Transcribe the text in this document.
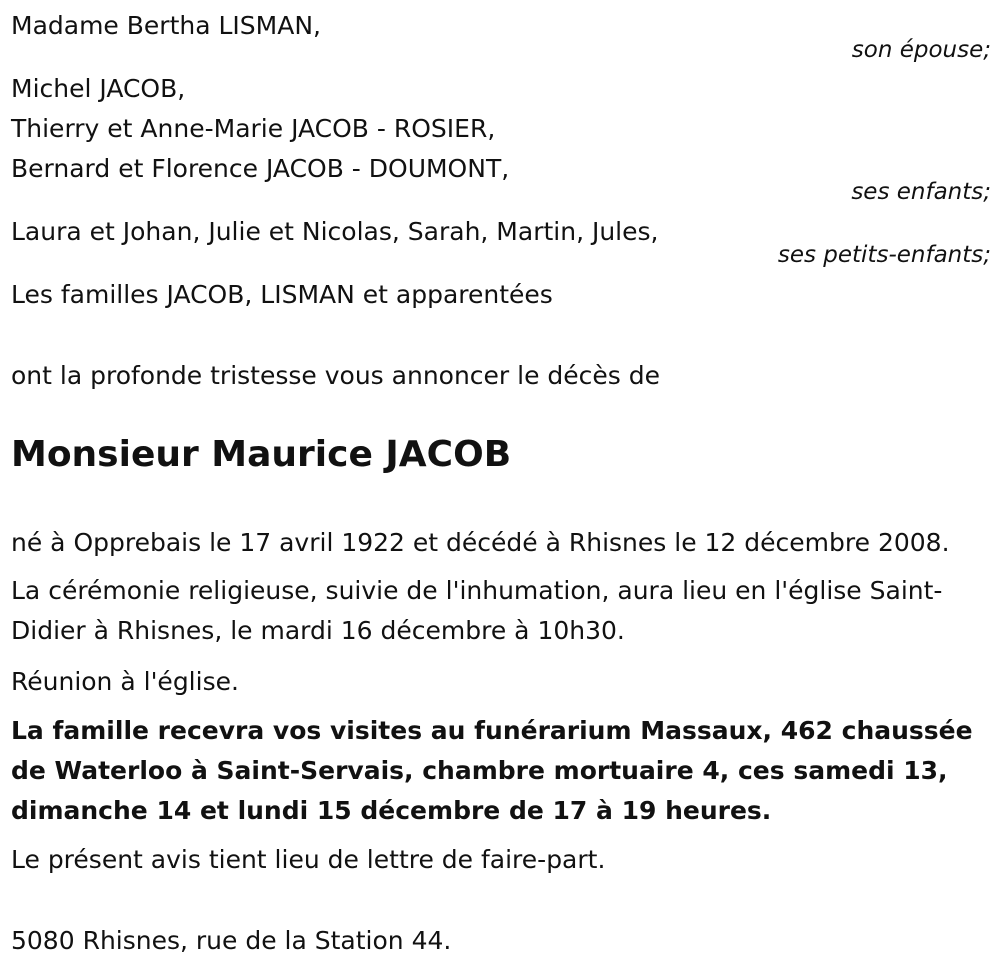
Madame Bertha LISMAN,
son épouse;
Michel JACOB,
Thierry et Anne-Marie JACOB - ROSIER,
Bernard et Florence JACOB - DOUMONT,
ses enfants;
Laura et Johan, Julie et Nicolas, Sarah, Martin, Jules,
ses petits-enfants;
Les familles JACOB, LISMAN et apparentées
ont la profonde tristesse vous annoncer le décès de
Monsieur Maurice JACOB
né à Opprebais le 17 avril 1922 et décédé à Rhisnes le 12 décembre 2008.
La cérémonie religieuse, suivie de l'inhumation, aura lieu en l'église Saint-Didier à Rhisnes, le mardi 16 décembre à 10h30.
Réunion à l'église.
La famille recevra vos visites au funérarium Massaux, 462 chaussée de Waterloo à Saint-Servais, chambre mortuaire 4, ces samedi 13, dimanche 14 et lundi 15 décembre de 17 à 19 heures.
Le présent avis tient lieu de lettre de faire-part.
5080 Rhisnes, rue de la Station 44.
